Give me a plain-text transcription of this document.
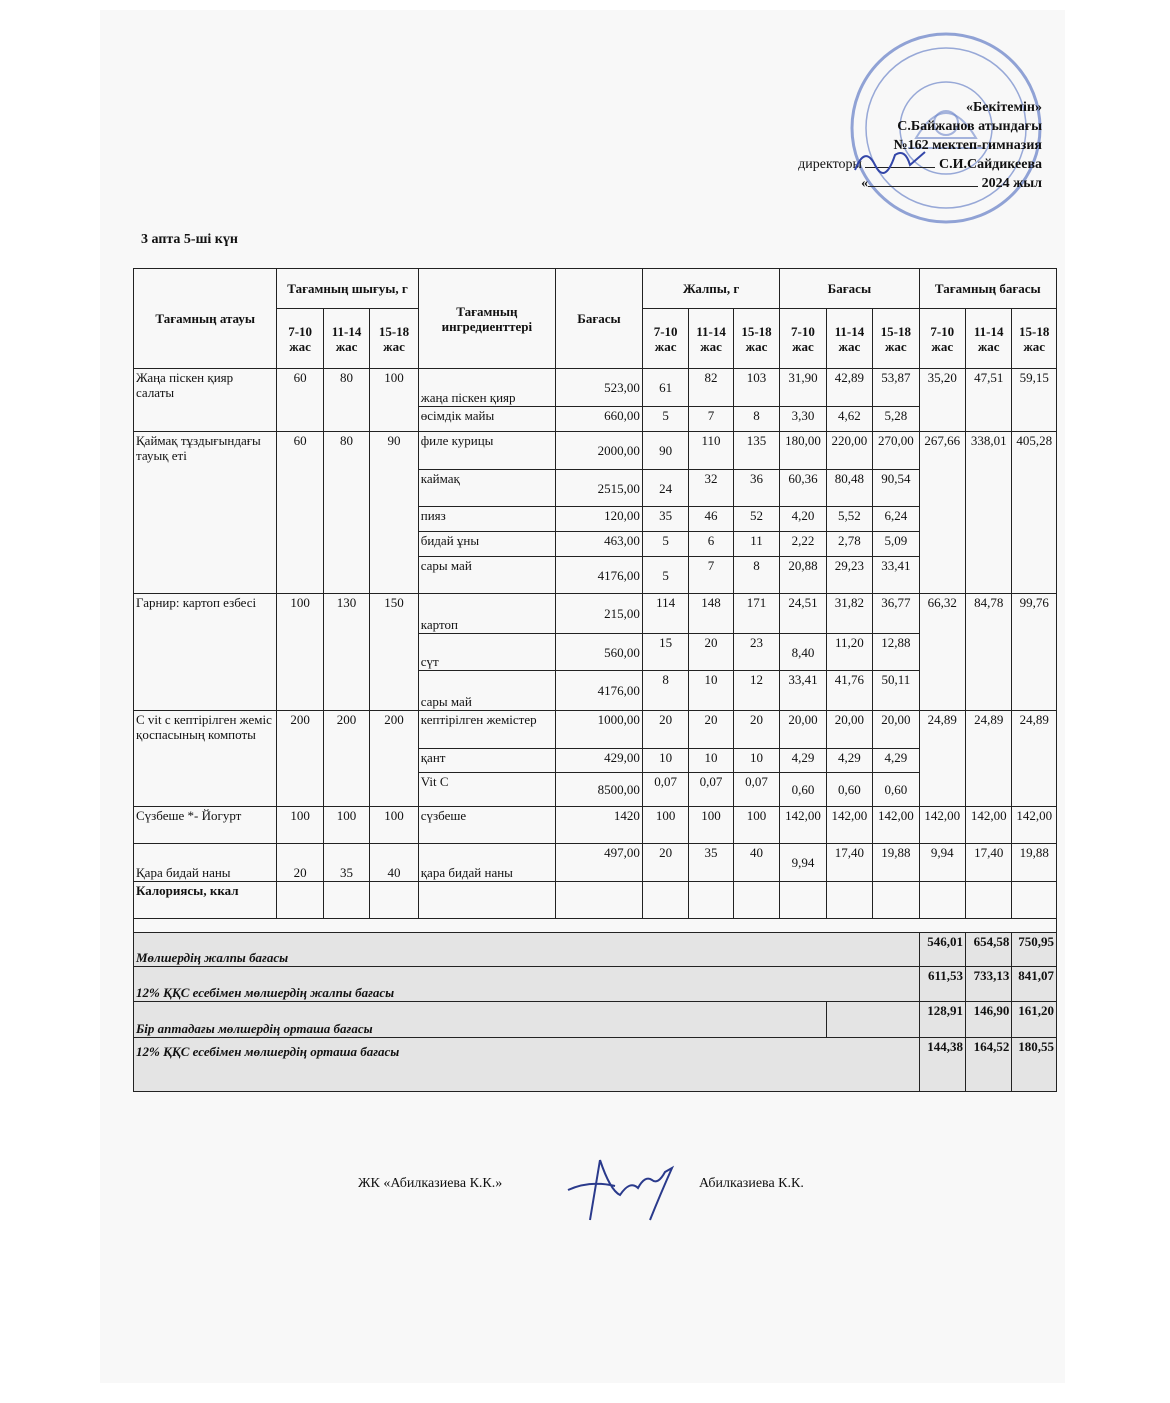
«Бекітемін»
С.Байжанов атындағы
№162 мектеп-гимназия
директоры	С.И.Сайдикеева
«	2024 жыл
3 апта 5-ші күн
Тағамның атауы	Тағамның шығуы, г			Тағамның ингредиенттері	Бағасы	Жалпы, г			Бағасы			Тағамның бағасы		
	7-10 жас	11-14 жас	15-18 жас			7-10 жас	11-14 жас	15-18 жас	7-10 жас	11-14 жас	15-18 жас	7-10 жас	11-14 жас	15-18 жас
Жаңа піскен қияр салаты	60	80	100	жаңа піскен қияр	523,00	61	82	103	31,90	42,89	53,87	35,20	47,51	59,15
				өсімдік майы	660,00	5	7	8	3,30	4,62	5,28			
Қаймақ тұздығындағы тауық еті	60	80	90	филе курицы	2000,00	90	110	135	180,00	220,00	270,00	267,66	338,01	405,28
				каймақ	2515,00	24	32	36	60,36	80,48	90,54			
				пияз	120,00	35	46	52	4,20	5,52	6,24			
				бидай ұны	463,00	5	6	11	2,22	2,78	5,09			
				сары май	4176,00	5	7	8	20,88	29,23	33,41			
Гарнир: картоп езбесі	100	130	150	картоп	215,00	114	148	171	24,51	31,82	36,77	66,32	84,78	99,76
				сүт	560,00	15	20	23	8,40	11,20	12,88			
				сары май	4176,00	8	10	12	33,41	41,76	50,11			
C vit с кептірілген жеміс қоспасының компоты	200	200	200	кептірілген жемістер	1000,00	20	20	20	20,00	20,00	20,00	24,89	24,89	24,89
				қант	429,00	10	10	10	4,29	4,29	4,29			
				Vit C	8500,00	0,07	0,07	0,07	0,60	0,60	0,60			
Сүзбеше *- Йогурт	100	100	100	сүзбеше	1420	100	100	100	142,00	142,00	142,00	142,00	142,00	142,00
Қара бидай наны	20	35	40	қара бидай наны	497,00	20	35	40	9,94	17,40	19,88	9,94	17,40	19,88
Калориясы, ккал														

Мөлшердің жалпы бағасы												546,01	654,58	750,95
12% ҚҚС есебімен мөлшердің жалпы бағасы												611,53	733,13	841,07
Бір аптадағы мөлшердің орташа бағасы												128,91	146,90	161,20
12% ҚҚС есебімен мөлшердің орташа бағасы												144,38	164,52	180,55
ЖК «Абилказиева К.К.»	Абилказиева К.К.
